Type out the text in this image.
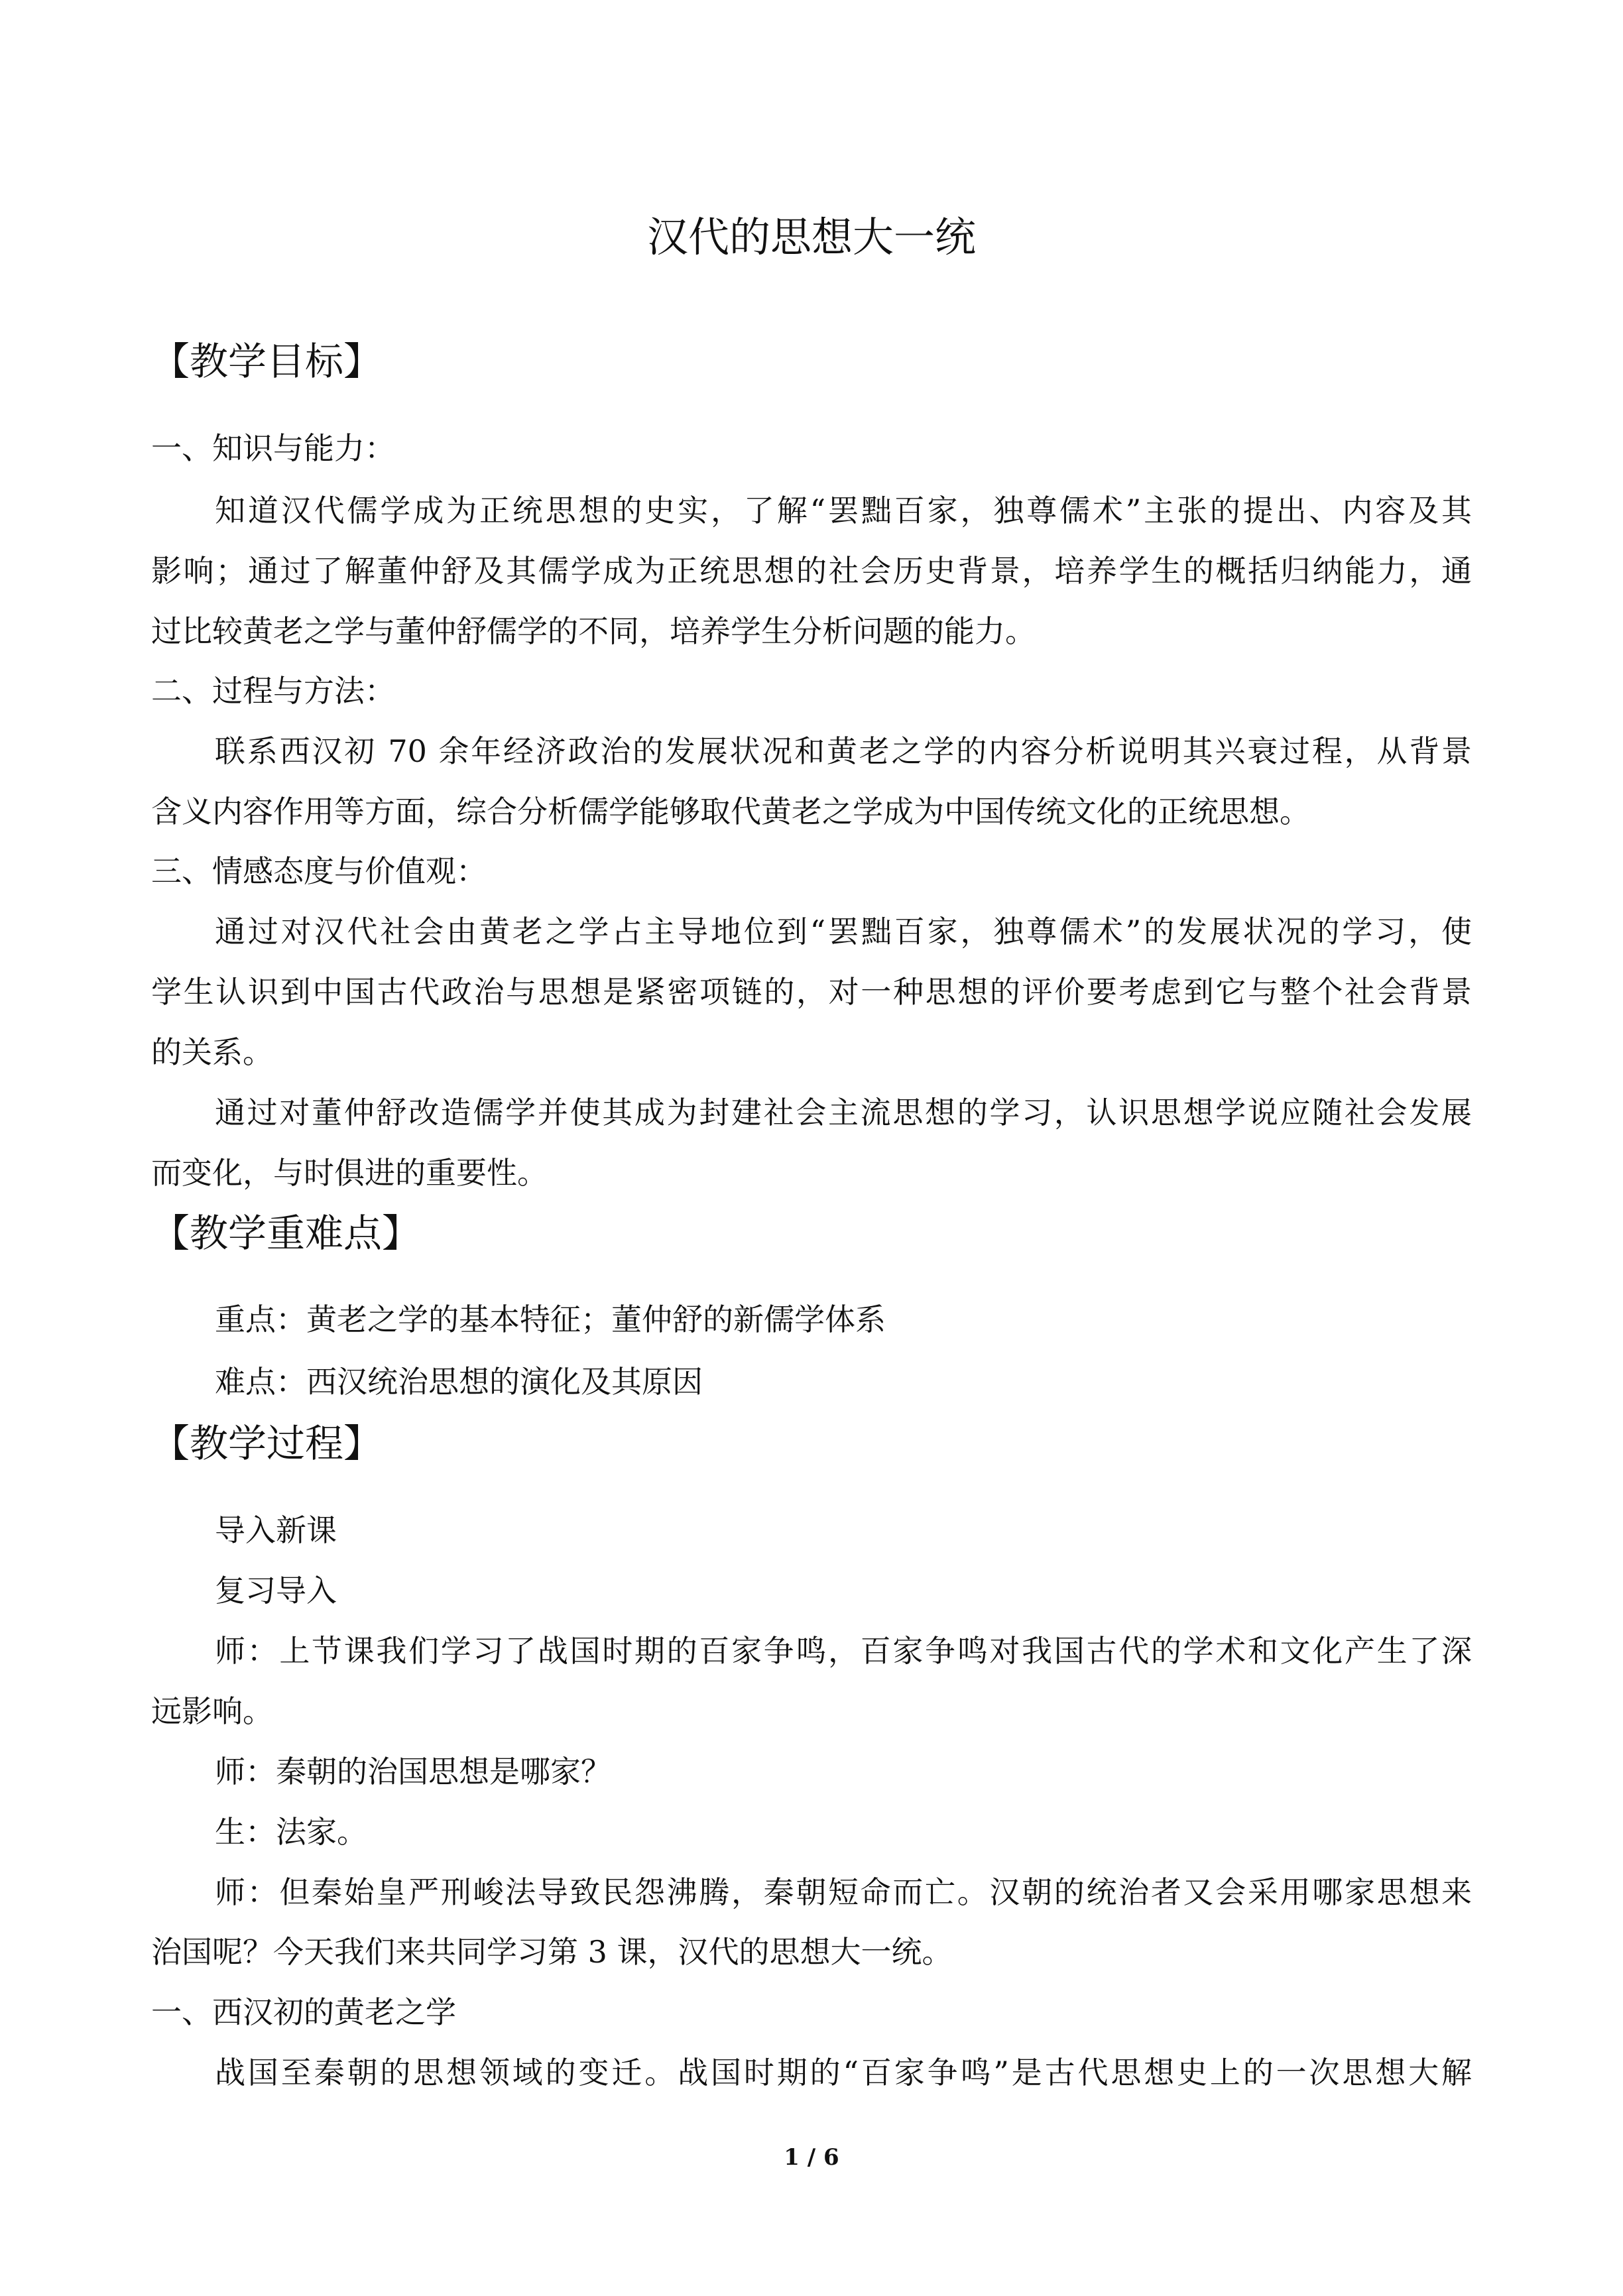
汉代的思想大一统
【教学目标】
一、知识与能力：
知道汉代儒学成为正统思想的史实，了解“罢黜百家，独尊儒术”主张的提出、内容及其
影响；通过了解董仲舒及其儒学成为正统思想的社会历史背景，培养学生的概括归纳能力，通
过比较黄老之学与董仲舒儒学的不同，培养学生分析问题的能力。
二、过程与方法：
联系西汉初 70 余年经济政治的发展状况和黄老之学的内容分析说明其兴衰过程，从背景
含义内容作用等方面，综合分析儒学能够取代黄老之学成为中国传统文化的正统思想。
三、情感态度与价值观：
通过对汉代社会由黄老之学占主导地位到“罢黜百家，独尊儒术”的发展状况的学习，使
学生认识到中国古代政治与思想是紧密项链的，对一种思想的评价要考虑到它与整个社会背景
的关系。
通过对董仲舒改造儒学并使其成为封建社会主流思想的学习，认识思想学说应随社会发展
而变化，与时俱进的重要性。
【教学重难点】
重点：黄老之学的基本特征；董仲舒的新儒学体系
难点：西汉统治思想的演化及其原因
【教学过程】
导入新课
复习导入
师：上节课我们学习了战国时期的百家争鸣，百家争鸣对我国古代的学术和文化产生了深
远影响。
师：秦朝的治国思想是哪家？
生：法家。
师：但秦始皇严刑峻法导致民怨沸腾，秦朝短命而亡。汉朝的统治者又会采用哪家思想来
治国呢？今天我们来共同学习第 3 课，汉代的思想大一统。
一、西汉初的黄老之学
战国至秦朝的思想领域的变迁。战国时期的“百家争鸣”是古代思想史上的一次思想大解
1 / 6
